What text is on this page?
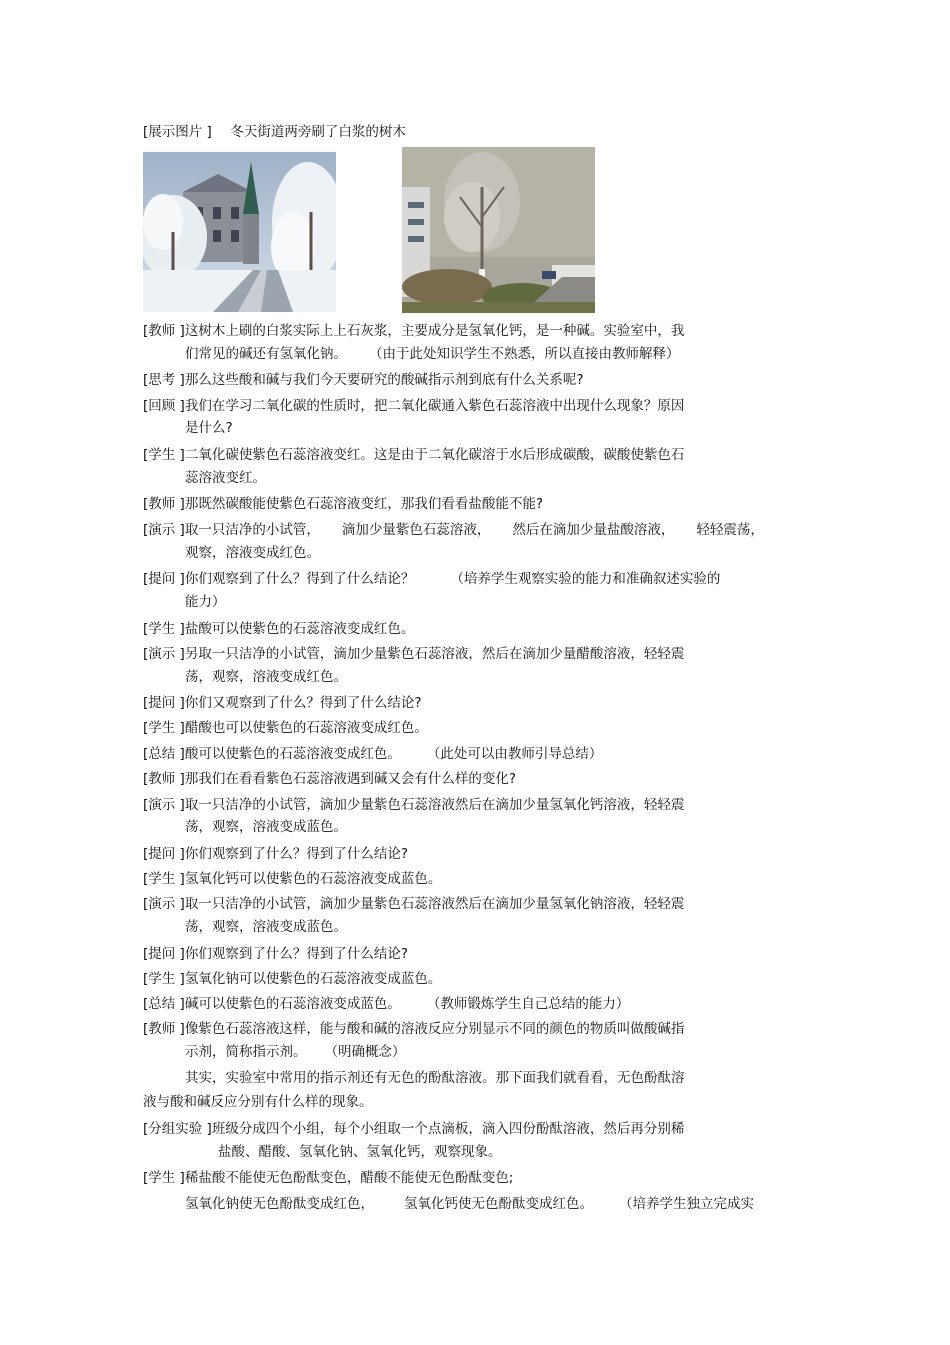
[展示图片 ] 冬天街道两旁刷了白浆的树木
[教师 ]这树木上刷的白浆实际上上石灰浆，主要成分是氢氧化钙，是一种碱。实验室中，我
们常见的碱还有氢氧化钠。 （由于此处知识学生不熟悉，所以直接由教师解释）
[思考 ]那么这些酸和碱与我们今天要研究的酸碱指示剂到底有什么关系呢?
[回顾 ]我们在学习二氧化碳的性质时，把二氧化碳通入紫色石蕊溶液中出现什么现象？原因
是什么?
[学生 ]二氧化碳使紫色石蕊溶液变红。这是由于二氧化碳溶于水后形成碳酸，碳酸使紫色石
蕊溶液变红。
[教师 ]那既然碳酸能使紫色石蕊溶液变红，那我们看看盐酸能不能?
[演示 ]取一只洁净的小试管， 滴加少量紫色石蕊溶液， 然后在滴加少量盐酸溶液， 轻轻震荡，
观察，溶液变成红色。
[提问 ]你们观察到了什么？得到了什么结论？	（培养学生观察实验的能力和准确叙述实验的
能力）
[学生 ]盐酸可以使紫色的石蕊溶液变成红色。
[演示 ]另取一只洁净的小试管，滴加少量紫色石蕊溶液，然后在滴加少量醋酸溶液，轻轻震
荡，观察，溶液变成红色。
[提问 ]你们又观察到了什么？得到了什么结论?
[学生 ]醋酸也可以使紫色的石蕊溶液变成红色。
[总结 ]酸可以使紫色的石蕊溶液变成红色。 （此处可以由教师引导总结）
[教师 ]那我们在看看紫色石蕊溶液遇到碱又会有什么样的变化?
[演示 ]取一只洁净的小试管，滴加少量紫色石蕊溶液然后在滴加少量氢氧化钙溶液，轻轻震
荡，观察，溶液变成蓝色。
[提问 ]你们观察到了什么？得到了什么结论?
[学生 ]氢氧化钙可以使紫色的石蕊溶液变成蓝色。
[演示 ]取一只洁净的小试管，滴加少量紫色石蕊溶液然后在滴加少量氢氧化钠溶液，轻轻震
荡，观察，溶液变成蓝色。
[提问 ]你们观察到了什么？得到了什么结论?
[学生 ]氢氧化钠可以使紫色的石蕊溶液变成蓝色。
[总结 ]碱可以使紫色的石蕊溶液变成蓝色。 （教师锻炼学生自己总结的能力）
[教师 ]像紫色石蕊溶液这样，能与酸和碱的溶液反应分别显示不同的颜色的物质叫做酸碱指
示剂，简称指示剂。 （明确概念）
其实，实验室中常用的指示剂还有无色的酚酞溶液。那下面我们就看看，无色酚酞溶
液与酸和碱反应分别有什么样的现象。
[分组实验 ]班级分成四个小组，每个小组取一个点滴板，滴入四份酚酞溶液，然后再分别稀
盐酸、醋酸、氢氧化钠、氢氧化钙，观察现象。
[学生 ]稀盐酸不能使无色酚酞变色，醋酸不能使无色酚酞变色;
氢氧化钠使无色酚酞变成红色， 氢氧化钙使无色酚酞变成红色。 （培养学生独立完成实
